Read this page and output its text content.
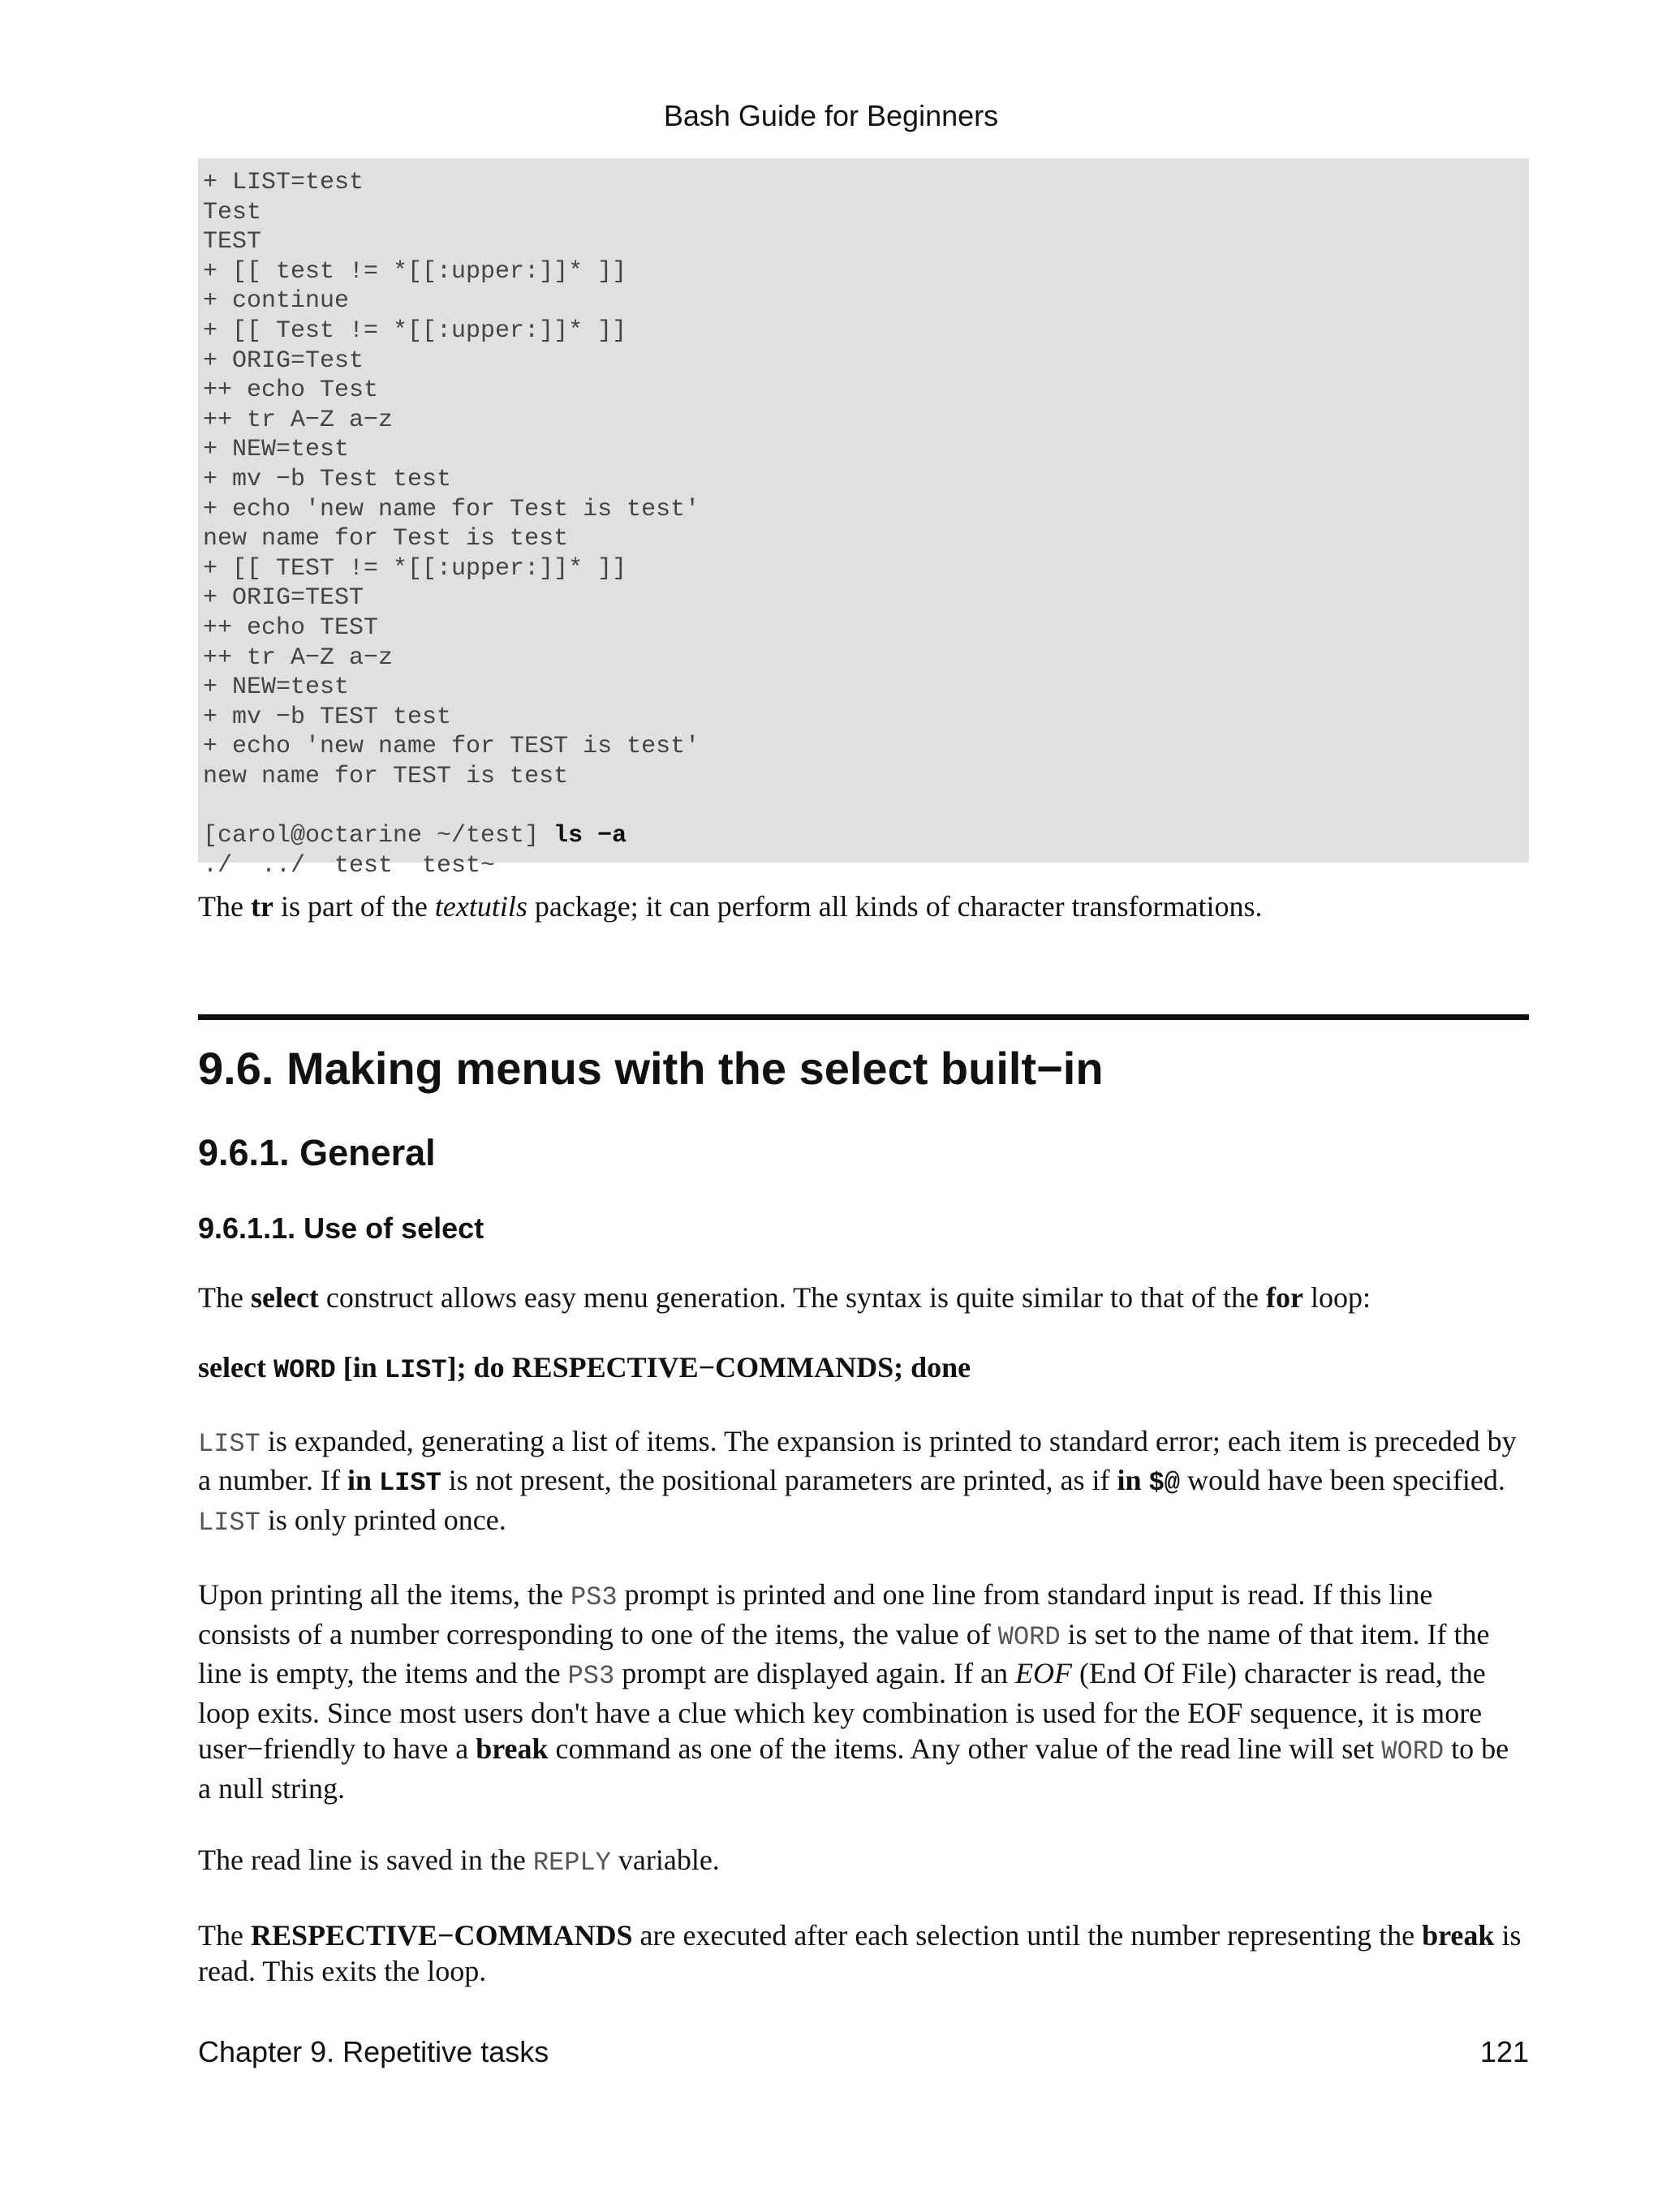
Bash Guide for Beginners
+ LIST=test
Test
TEST
+ [[ test != *[[:upper:]]* ]]
+ continue
+ [[ Test != *[[:upper:]]* ]]
+ ORIG=Test
++ echo Test
++ tr A−Z a−z
+ NEW=test
+ mv −b Test test
+ echo 'new name for Test is test'
new name for Test is test
+ [[ TEST != *[[:upper:]]* ]]
+ ORIG=TEST
++ echo TEST
++ tr A−Z a−z
+ NEW=test
+ mv −b TEST test
+ echo 'new name for TEST is test'
new name for TEST is test
[carol@octarine ~/test] ls −a
./  ../  test  test~

The tr is part of the textutils package; it can perform all kinds of character transformations.

9.6. Making menus with the select built−in
9.6.1. General
9.6.1.1. Use of select

The select construct allows easy menu generation. The syntax is quite similar to that of the for loop:

select WORD [in LIST]; do RESPECTIVE−COMMANDS; done

LIST is expanded, generating a list of items. The expansion is printed to standard error; each item is preceded by a number. If in LIST is not present, the positional parameters are printed, as if in $@ would have been specified. LIST is only printed once.

Upon printing all the items, the PS3 prompt is printed and one line from standard input is read. If this line consists of a number corresponding to one of the items, the value of WORD is set to the name of that item. If the line is empty, the items and the PS3 prompt are displayed again. If an EOF (End Of File) character is read, the loop exits. Since most users don't have a clue which key combination is used for the EOF sequence, it is more user−friendly to have a break command as one of the items. Any other value of the read line will set WORD to be a null string.

The read line is saved in the REPLY variable.

The RESPECTIVE−COMMANDS are executed after each selection until the number representing the break is read. This exits the loop.

Chapter 9. Repetitive tasks	121
